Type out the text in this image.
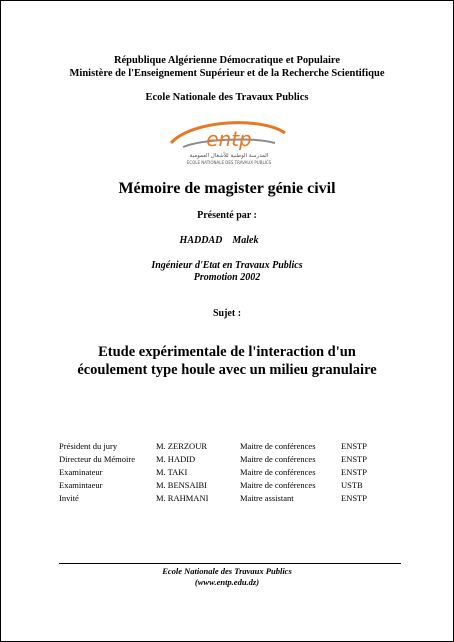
République Algérienne Démocratique et Populaire
Ministère de l'Enseignement Supérieur et de la Recherche Scientifique
Ecole Nationale des Travaux Publics
entp
المدرسة الوطنية للأشغال العمومية
ECOLE NATIONALE DES TRAVAUX PUBLICS
Mémoire de magister génie civil
Présenté par :
HADDAD Malek
Ingénieur d'Etat en Travaux Publics
Promotion 2002
Sujet :
Etude expérimentale de l'interaction d'un
écoulement type houle avec un milieu granulaire
Président du jury	M. ZERZOUR	Maitre de conférences	ENSTP
Directeur du Mémoire	M. HADID	Maitre de conférences	ENSTP
Examinateur	M. TAKI	Maitre de conférences	ENSTP
Examintaeur	M. BENSAIBI	Maitre de conférences	USTB
Invité	M. RAHMANI	Maitre assistant	ENSTP
Ecole Nationale des Travaux Publics
(www.entp.edu.dz)
